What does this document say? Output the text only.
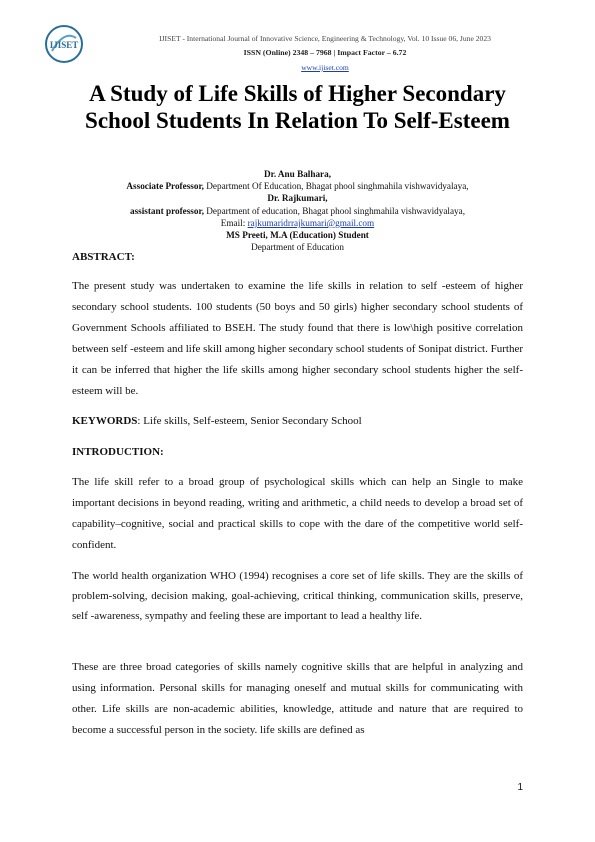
IJISET
IJISET - International Journal of Innovative Science, Engineering & Technology, Vol. 10 Issue 06, June 2023
ISSN (Online) 2348 – 7968 | Impact Factor – 6.72
www.ijiset.com
A Study of Life Skills of Higher Secondary School Students In Relation To Self-Esteem
Dr. Anu Balhara,
Associate Professor, Department Of Education, Bhagat phool singhmahila vishwavidyalaya,
Dr. Rajkumari,
assistant professor, Department of education, Bhagat phool singhmahila vishwavidyalaya,
Email: rajkumaridrrajkumari@gmail.com
MS Preeti, M.A (Education) Student
Department of Education
ABSTRACT:
The present study was undertaken to examine the life skills in relation to self -esteem of higher secondary school students. 100 students (50 boys and 50 girls) higher secondary school students of Government Schools affiliated to BSEH. The study found that there is low\high positive correlation between self -esteem and life skill among higher secondary school students of Sonipat district. Further it can be inferred that higher the life skills among higher secondary school students higher the self- esteem will be.
KEYWORDS: Life skills, Self-esteem, Senior Secondary School
INTRODUCTION:
The life skill refer to a broad group of psychological skills which can help an Single to make important decisions in beyond reading, writing and arithmetic, a child needs to develop a broad set of capability–cognitive, social and practical skills to cope with the dare of the competitive world self-confident.
The world health organization WHO (1994) recognises a core set of life skills. They are the skills of problem-solving, decision making, goal-achieving, critical thinking, communication skills, preserve, self -awareness, sympathy and feeling these are important to lead a healthy life.
These are three broad categories of skills namely cognitive skills that are helpful in analyzing and using information. Personal skills for managing oneself and mutual skills for communicating with other. Life skills are non-academic abilities, knowledge, attitude and nature that are required to become a successful person in the society. life skills are defined as
1
